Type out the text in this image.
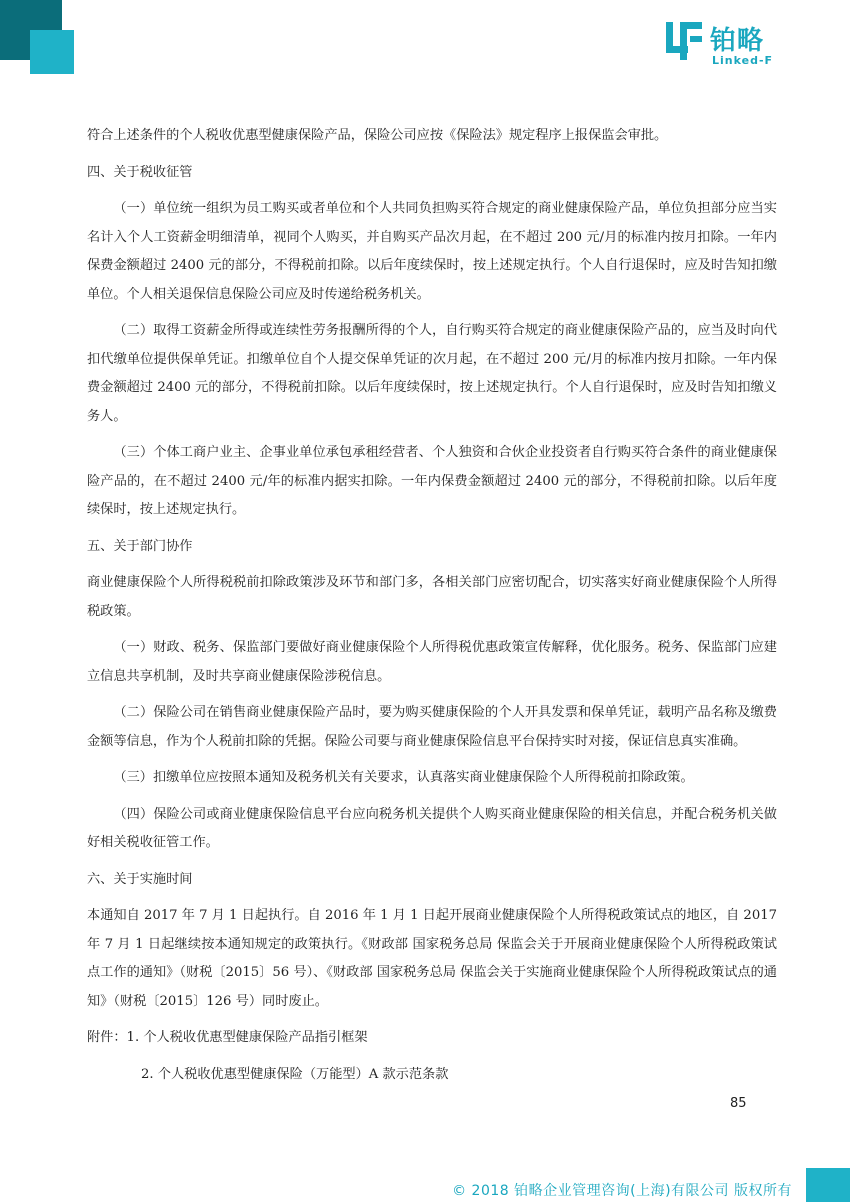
铂略
Linked-F

符合上述条件的个人税收优惠型健康保险产品，保险公司应按《保险法》规定程序上报保监会审批。

四、关于税收征管

（一）单位统一组织为员工购买或者单位和个人共同负担购买符合规定的商业健康保险产品，单位负担部分应当实名计入个人工资薪金明细清单，视同个人购买，并自购买产品次月起，在不超过 200 元/月的标准内按月扣除。一年内保费金额超过 2400 元的部分，不得税前扣除。以后年度续保时，按上述规定执行。个人自行退保时，应及时告知扣缴单位。个人相关退保信息保险公司应及时传递给税务机关。

（二）取得工资薪金所得或连续性劳务报酬所得的个人，自行购买符合规定的商业健康保险产品的，应当及时向代扣代缴单位提供保单凭证。扣缴单位自个人提交保单凭证的次月起，在不超过 200 元/月的标准内按月扣除。一年内保费金额超过 2400 元的部分，不得税前扣除。以后年度续保时，按上述规定执行。个人自行退保时，应及时告知扣缴义务人。

（三）个体工商户业主、企事业单位承包承租经营者、个人独资和合伙企业投资者自行购买符合条件的商业健康保险产品的，在不超过 2400 元/年的标准内据实扣除。一年内保费金额超过 2400 元的部分，不得税前扣除。以后年度续保时，按上述规定执行。

五、关于部门协作

商业健康保险个人所得税税前扣除政策涉及环节和部门多，各相关部门应密切配合，切实落实好商业健康保险个人所得税政策。

（一）财政、税务、保监部门要做好商业健康保险个人所得税优惠政策宣传解释，优化服务。税务、保监部门应建立信息共享机制，及时共享商业健康保险涉税信息。

（二）保险公司在销售商业健康保险产品时，要为购买健康保险的个人开具发票和保单凭证，载明产品名称及缴费金额等信息，作为个人税前扣除的凭据。保险公司要与商业健康保险信息平台保持实时对接，保证信息真实准确。

（三）扣缴单位应按照本通知及税务机关有关要求，认真落实商业健康保险个人所得税前扣除政策。

（四）保险公司或商业健康保险信息平台应向税务机关提供个人购买商业健康保险的相关信息，并配合税务机关做好相关税收征管工作。

六、关于实施时间

本通知自 2017 年 7 月 1 日起执行。自 2016 年 1 月 1 日起开展商业健康保险个人所得税政策试点的地区，自 2017 年 7 月 1 日起继续按本通知规定的政策执行。《财政部 国家税务总局 保监会关于开展商业健康保险个人所得税政策试点工作的通知》（财税〔2015〕56 号）、《财政部 国家税务总局 保监会关于实施商业健康保险个人所得税政策试点的通知》（财税〔2015〕126 号）同时废止。

附件：1. 个人税收优惠型健康保险产品指引框架

2. 个人税收优惠型健康保险（万能型）A 款示范条款

85
© 2018 铂略企业管理咨询(上海)有限公司 版权所有
